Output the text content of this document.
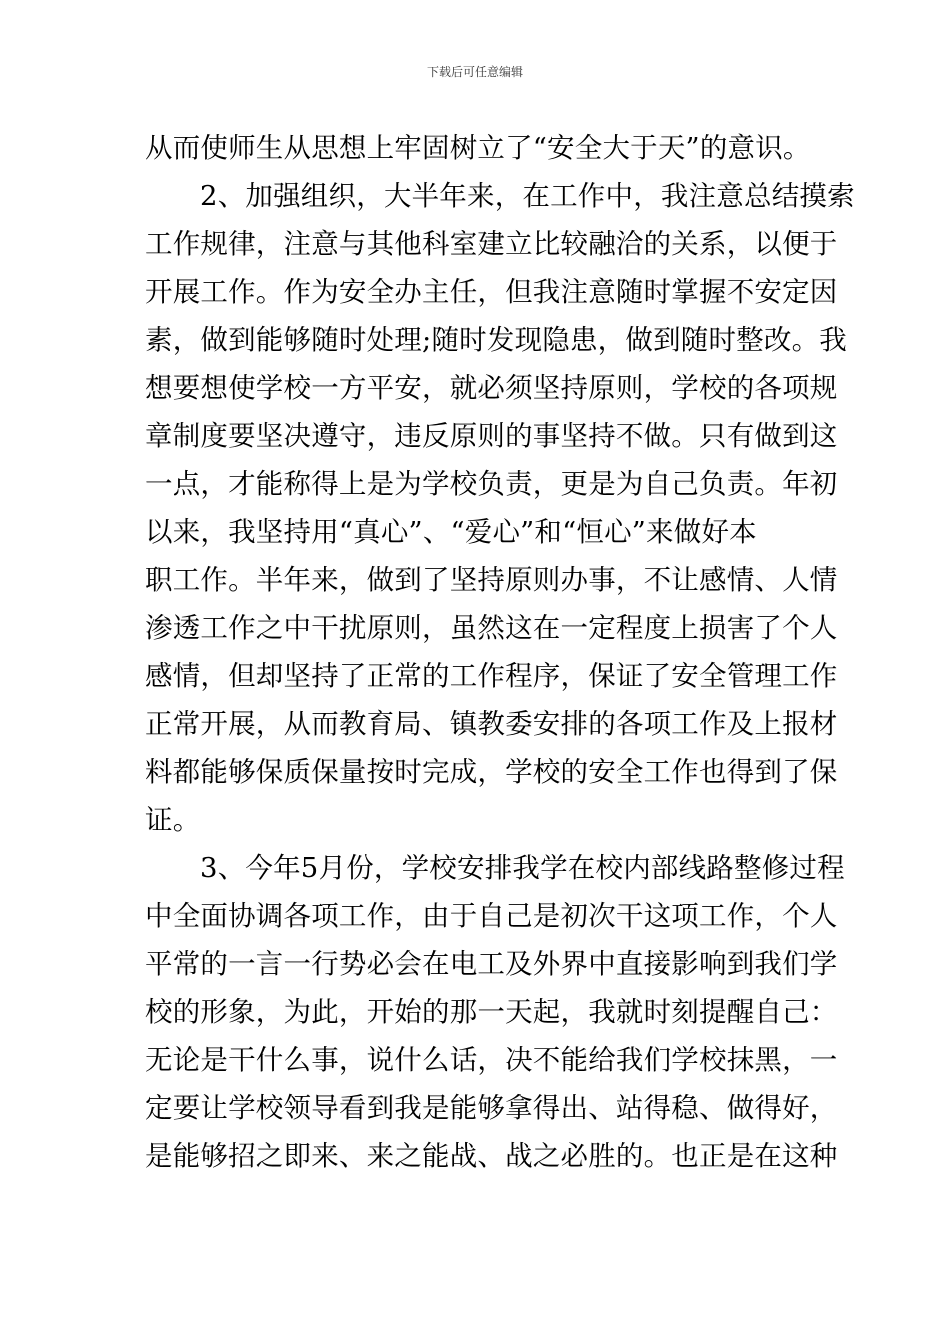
下载后可任意编辑
从而使师生从思想上牢固树立了“安全大于天”的意识。
2、加强组织，大半年来，在工作中，我注意总结摸索
工作规律，注意与其他科室建立比较融洽的关系，以便于
开展工作。作为安全办主任，但我注意随时掌握不安定因
素，做到能够随时处理;随时发现隐患，做到随时整改。我
想要想使学校一方平安，就必须坚持原则，学校的各项规
章制度要坚决遵守，违反原则的事坚持不做。只有做到这
一点，才能称得上是为学校负责，更是为自己负责。年初
以来，我坚持用“真心”、“爱心”和“恒心”来做好本
职工作。半年来，做到了坚持原则办事，不让感情、人情
渗透工作之中干扰原则，虽然这在一定程度上损害了个人
感情，但却坚持了正常的工作程序，保证了安全管理工作
正常开展，从而教育局、镇教委安排的各项工作及上报材
料都能够保质保量按时完成，学校的安全工作也得到了保
证。
3、今年5月份，学校安排我学在校内部线路整修过程
中全面协调各项工作，由于自己是初次干这项工作，个人
平常的一言一行势必会在电工及外界中直接影响到我们学
校的形象，为此，开始的那一天起，我就时刻提醒自己：
无论是干什么事，说什么话，决不能给我们学校抹黑，一
定要让学校领导看到我是能够拿得出、站得稳、做得好，
是能够招之即来、来之能战、战之必胜的。也正是在这种
